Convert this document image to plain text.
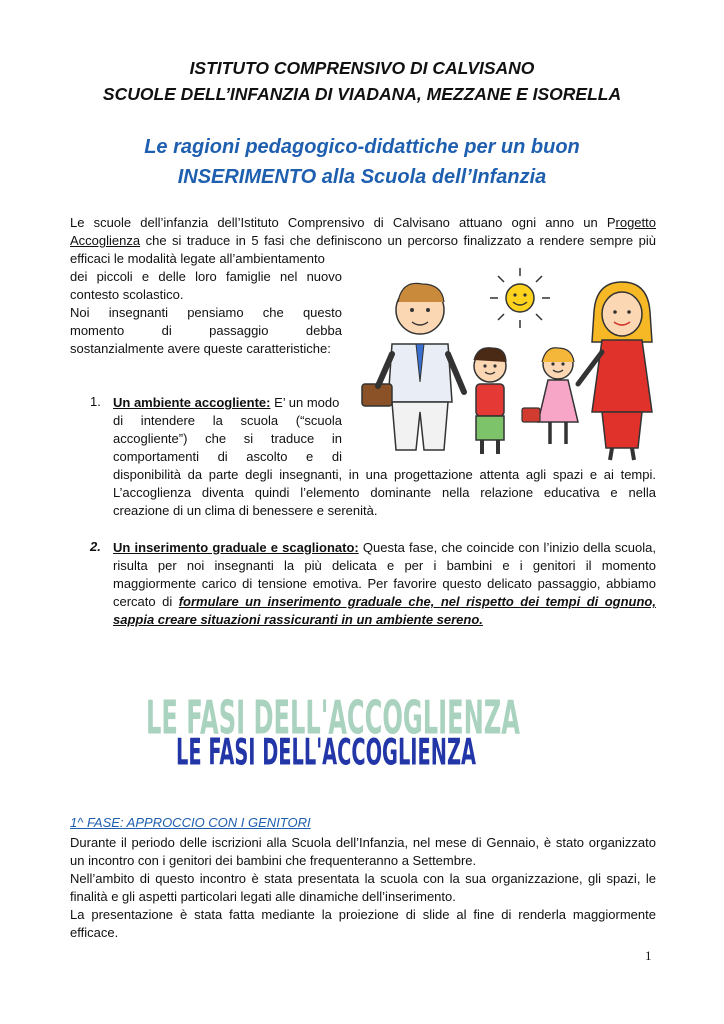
ISTITUTO COMPRENSIVO DI CALVISANO
SCUOLE DELL’INFANZIA DI VIADANA, MEZZANE E ISORELLA
Le ragioni pedagogico-didattiche per un buon
INSERIMENTO alla Scuola dell’Infanzia
Le scuole dell’infanzia dell’Istituto Comprensivo di Calvisano attuano ogni anno un Progetto
Accoglienza che si traduce in 5 fasi che definiscono un percorso finalizzato a rendere sempre più
efficaci le modalità legate all’ambientamento
dei piccoli e delle loro famiglie nel nuovo
contesto scolastico.
Noi insegnanti pensiamo che questo
momento di passaggio debba
sostanzialmente avere queste caratteristiche:
1. Un ambiente accogliente: E’ un modo
di intendere la scuola (“scuola
accogliente”) che si traduce in
comportamenti di ascolto e di
disponibilità da parte degli insegnanti, in una progettazione attenta agli spazi e ai tempi.
L’accoglienza diventa quindi l’elemento dominante nella relazione educativa e nella
creazione di un clima di benessere e serenità.
2. Un inserimento graduale e scaglionato: Questa fase, che coincide con l’inizio della scuola,
risulta per noi insegnanti la più delicata e per i bambini e i genitori il momento
maggiormente carico di tensione emotiva. Per favorire questo delicato passaggio, abbiamo
cercato di formulare un inserimento graduale che, nel rispetto dei tempi di ognuno,
sappia creare situazioni rassicuranti in un ambiente sereno.
LE FASI DELL'ACCOGLIENZA
LE FASI DELL'ACCOGLIENZA
1^ FASE: APPROCCIO CON I GENITORI
Durante il periodo delle iscrizioni alla Scuola dell’Infanzia, nel mese di Gennaio, è stato organizzato
un incontro con i genitori dei bambini che frequenteranno a Settembre.
Nell’ambito di questo incontro è stata presentata la scuola con la sua organizzazione, gli spazi, le
finalità e gli aspetti particolari legati alle dinamiche dell’inserimento.
La presentazione è stata fatta mediante la proiezione di slide al fine di renderla maggiormente
efficace.
1
